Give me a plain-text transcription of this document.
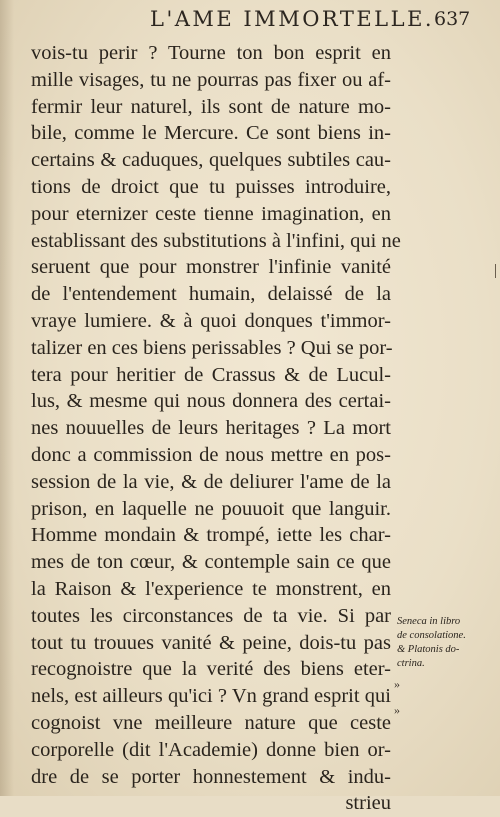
L'AME IMMORTELLE. 637
vois-tu perir ? Tourne ton bon esprit en
mille visages, tu ne pourras pas fixer ou af-
fermir leur naturel, ils sont de nature mo-
bile, comme le Mercure. Ce sont biens in-
certains & caduques, quelques subtiles cau-
tions de droict que tu puisses introduire,
pour eternizer ceste tienne imagination, en
establissant des substitutions à l'infini, qui ne
seruent que pour monstrer l'infinie vanité
de l'entendement humain, delaissé de la
vraye lumiere. & à quoi donques t'immor-
talizer en ces biens perissables ? Qui se por-
tera pour heritier de Crassus & de Lucul-
lus, & mesme qui nous donnera des certai-
nes nouuelles de leurs heritages ? La mort
donc a commission de nous mettre en pos-
session de la vie, & de deliurer l'ame de la
prison, en laquelle ne pouuoit que languir.
Homme mondain & trompé, iette les char-
mes de ton cœur, & contemple sain ce que
la Raison & l'experience te monstrent, en
toutes les circonstances de ta vie. Si par
tout tu trouues vanité & peine, dois-tu pas
recognoistre que la verité des biens eter-
nels, est ailleurs qu'ici ? Vn grand esprit qui
cognoist vne meilleure nature que ceste
corporelle (dit l'Academie) donne bien or-
dre de se porter honnestement & indu-
strieu
Seneca in libro
de consolatione.
& Platonis do-
ctrina.
»
»
